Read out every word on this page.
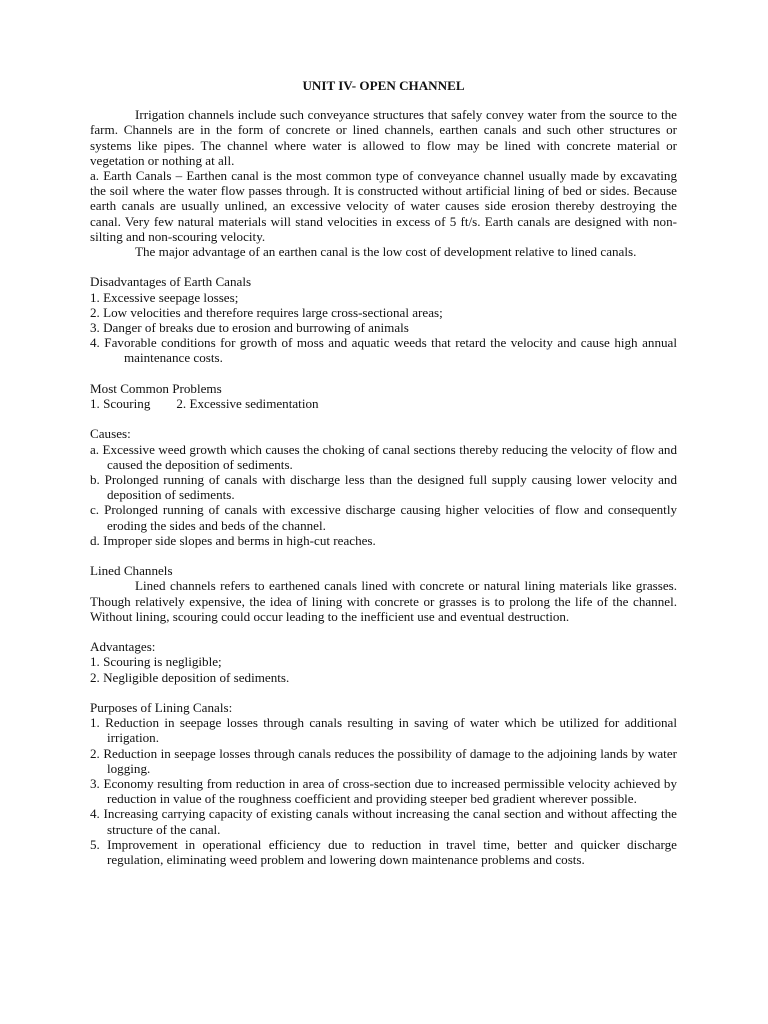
UNIT IV- OPEN CHANNEL

Irrigation channels include such conveyance structures that safely convey water from the source to the farm. Channels are in the form of concrete or lined channels, earthen canals and such other structures or systems like pipes. The channel where water is allowed to flow may be lined with concrete material or vegetation or nothing at all.

a. Earth Canals – Earthen canal is the most common type of conveyance channel usually made by excavating the soil where the water flow passes through. It is constructed without artificial lining of bed or sides. Because earth canals are usually unlined, an excessive velocity of water causes side erosion thereby destroying the canal. Very few natural materials will stand velocities in excess of 5 ft/s. Earth canals are designed with non-silting and non-scouring velocity.

The major advantage of an earthen canal is the low cost of development relative to lined canals.

Disadvantages of Earth Canals

1. Excessive seepage losses;

2. Low velocities and therefore requires large cross-sectional areas;

3. Danger of breaks due to erosion and burrowing of animals

4. Favorable conditions for growth of moss and aquatic weeds that retard the velocity and cause high annual maintenance costs.

Most Common Problems

1. Scouring 2. Excessive sedimentation

Causes:

a. Excessive weed growth which causes the choking of canal sections thereby reducing the velocity of flow and caused the deposition of sediments.

b. Prolonged running of canals with discharge less than the designed full supply causing lower velocity and deposition of sediments.

c. Prolonged running of canals with excessive discharge causing higher velocities of flow and consequently eroding the sides and beds of the channel.

d. Improper side slopes and berms in high-cut reaches.

Lined Channels

Lined channels refers to earthened canals lined with concrete or natural lining materials like grasses. Though relatively expensive, the idea of lining with concrete or grasses is to prolong the life of the channel. Without lining, scouring could occur leading to the inefficient use and eventual destruction.

Advantages:

1. Scouring is negligible;

2. Negligible deposition of sediments.

Purposes of Lining Canals:

1. Reduction in seepage losses through canals resulting in saving of water which be utilized for additional irrigation.

2. Reduction in seepage losses through canals reduces the possibility of damage to the adjoining lands by water logging.

3. Economy resulting from reduction in area of cross-section due to increased permissible velocity achieved by reduction in value of the roughness coefficient and providing steeper bed gradient wherever possible.

4. Increasing carrying capacity of existing canals without increasing the canal section and without affecting the structure of the canal.

5. Improvement in operational efficiency due to reduction in travel time, better and quicker discharge regulation, eliminating weed problem and lowering down maintenance problems and costs.
